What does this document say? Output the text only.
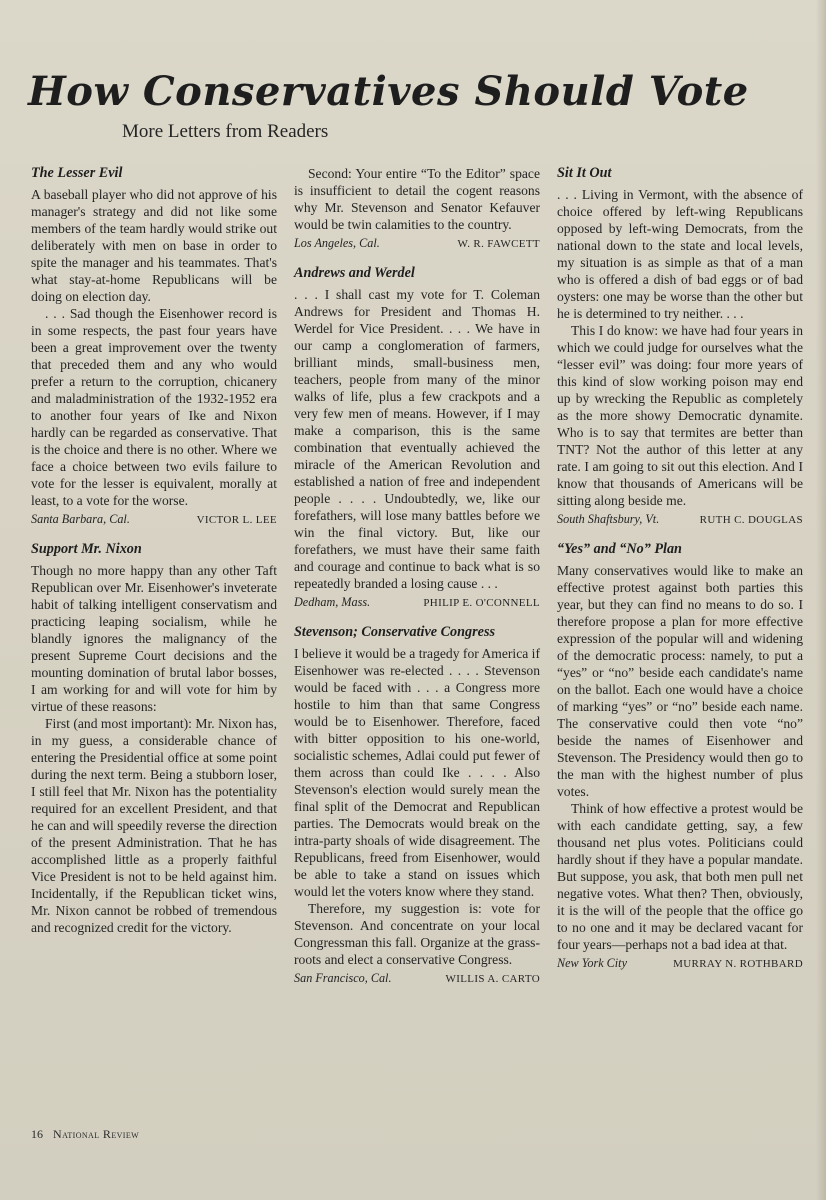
How Conservatives Should Vote
More Letters from Readers
The Lesser Evil

A baseball player who did not approve of his manager's strategy and did not like some members of the team hardly would strike out deliberately with men on base in order to spite the manager and his teammates. That's what stay-at-home Republicans will be doing on election day.

. . . Sad though the Eisenhower record is in some respects, the past four years have been a great improvement over the twenty that preceded them and any who would prefer a return to the corruption, chicanery and maladministration of the 1932-1952 era to another four years of Ike and Nixon hardly can be regarded as conservative. That is the choice and there is no other. Where we face a choice between two evils failure to vote for the lesser is equivalent, morally at least, to a vote for the worse.

Santa Barbara, Cal.	VICTOR L. LEE
Support Mr. Nixon

Though no more happy than any other Taft Republican over Mr. Eisenhower's inveterate habit of talking intelligent conservatism and practicing leaping socialism, while he blandly ignores the malignancy of the present Supreme Court decisions and the mounting domination of brutal labor bosses, I am working for and will vote for him by virtue of these reasons:

First (and most important): Mr. Nixon has, in my guess, a considerable chance of entering the Presidential office at some point during the next term. Being a stubborn loser, I still feel that Mr. Nixon has the potentiality required for an excellent President, and that he can and will speedily reverse the direction of the present Administration. That he has accomplished little as a properly faithful Vice President is not to be held against him. Incidentally, if the Republican ticket wins, Mr. Nixon cannot be robbed of tremendous and recognized credit for the victory.

Second: Your entire “To the Editor” space is insufficient to detail the cogent reasons why Mr. Stevenson and Senator Kefauver would be twin calamities to the country.

Los Angeles, Cal.	W. R. FAWCETT
Andrews and Werdel

. . . I shall cast my vote for T. Coleman Andrews for President and Thomas H. Werdel for Vice President. . . . We have in our camp a conglomeration of farmers, brilliant minds, small-business men, teachers, people from many of the minor walks of life, plus a few crackpots and a very few men of means. However, if I may make a comparison, this is the same combination that eventually achieved the miracle of the American Revolution and established a nation of free and independent people . . . . Undoubtedly, we, like our forefathers, will lose many battles before we win the final victory. But, like our forefathers, we must have their same faith and courage and continue to back what is so repeatedly branded a losing cause . . .

Dedham, Mass.	PHILIP E. O'CONNELL
Stevenson; Conservative Congress

I believe it would be a tragedy for America if Eisenhower was re-elected . . . . Stevenson would be faced with . . . a Congress more hostile to him than that same Congress would be to Eisenhower. Therefore, faced with bitter opposition to his one-world, socialistic schemes, Adlai could put fewer of them across than could Ike . . . . Also Stevenson's election would surely mean the final split of the Democrat and Republican parties. The Democrats would break on the intra-party shoals of wide disagreement. The Republicans, freed from Eisenhower, would be able to take a stand on issues which would let the voters know where they stand.

Therefore, my suggestion is: vote for Stevenson. And concentrate on your local Congressman this fall. Organize at the grass-roots and elect a conservative Congress.

San Francisco, Cal.	WILLIS A. CARTO
Sit It Out

. . . Living in Vermont, with the absence of choice offered by left-wing Republicans opposed by left-wing Democrats, from the national down to the state and local levels, my situation is as simple as that of a man who is offered a dish of bad eggs or of bad oysters: one may be worse than the other but he is determined to try neither. . . .

This I do know: we have had four years in which we could judge for ourselves what the “lesser evil” was doing: four more years of this kind of slow working poison may end up by wrecking the Republic as completely as the more showy Democratic dynamite. Who is to say that termites are better than TNT? Not the author of this letter at any rate. I am going to sit out this election. And I know that thousands of Americans will be sitting along beside me.

South Shaftsbury, Vt.	RUTH C. DOUGLAS
“Yes” and “No” Plan

Many conservatives would like to make an effective protest against both parties this year, but they can find no means to do so. I therefore propose a plan for more effective expression of the popular will and widening of the democratic process: namely, to put a “yes” or “no” beside each candidate's name on the ballot. Each one would have a choice of marking “yes” or “no” beside each name. The conservative could then vote “no” beside the names of Eisenhower and Stevenson. The Presidency would then go to the man with the highest number of plus votes.

Think of how effective a protest would be with each candidate getting, say, a few thousand net plus votes. Politicians could hardly shout if they have a popular mandate. But suppose, you ask, that both men pull net negative votes. What then? Then, obviously, it is the will of the people that the office go to no one and it may be declared vacant for four years—perhaps not a bad idea at that.

New York City	MURRAY N. ROTHBARD
16 National Review
